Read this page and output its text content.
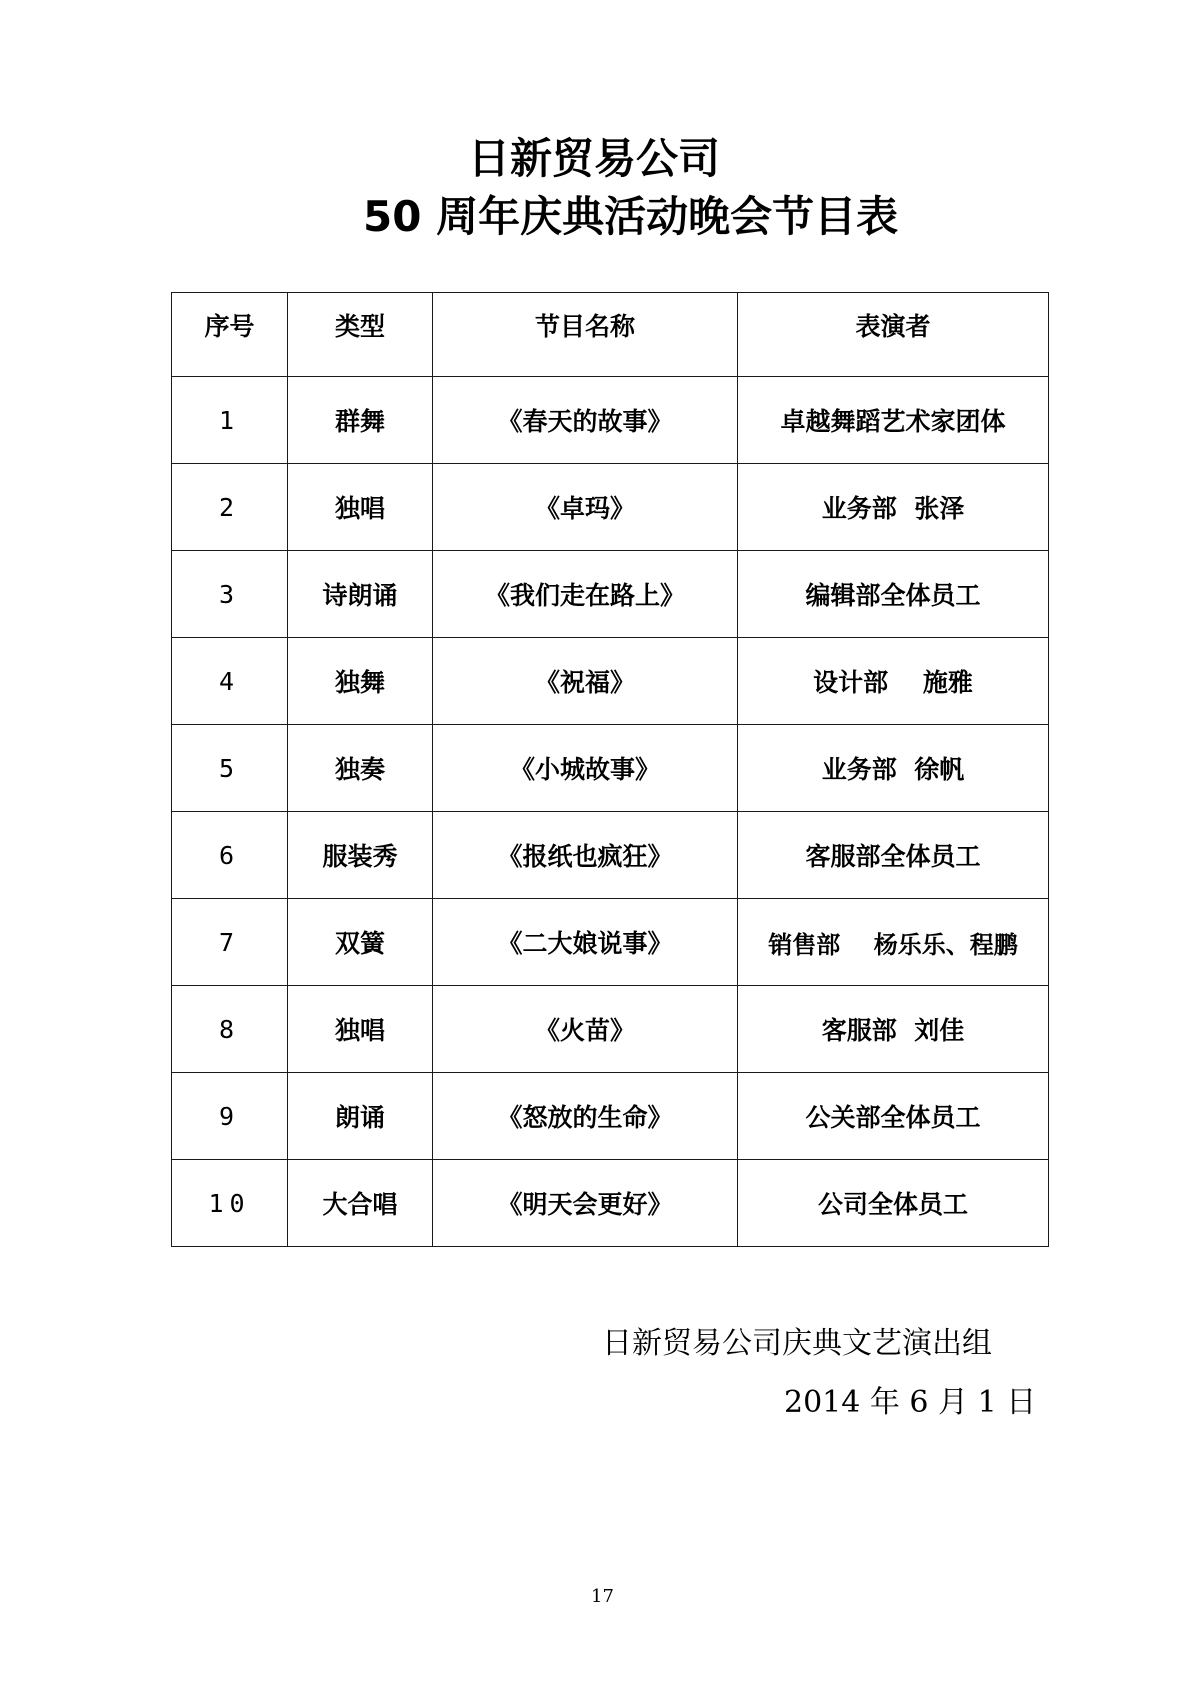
日新贸易公司
50 周年庆典活动晚会节目表
序号	类型	节目名称	表演者
1	群舞	《春天的故事》	卓越舞蹈艺术家团体
2	独唱	《卓玛》	业务部  张泽
3	诗朗诵	《我们走在路上》	编辑部全体员工
4	独舞	《祝福》	设计部    施雅
5	独奏	《小城故事》	业务部  徐帆
6	服装秀	《报纸也疯狂》	客服部全体员工
7	双簧	《二大娘说事》	销售部    杨乐乐、程鹏
8	独唱	《火苗》	客服部  刘佳
9	朗诵	《怒放的生命》	公关部全体员工
10	大合唱	《明天会更好》	公司全体员工
日新贸易公司庆典文艺演出组
2014 年 6 月 1 日
17
